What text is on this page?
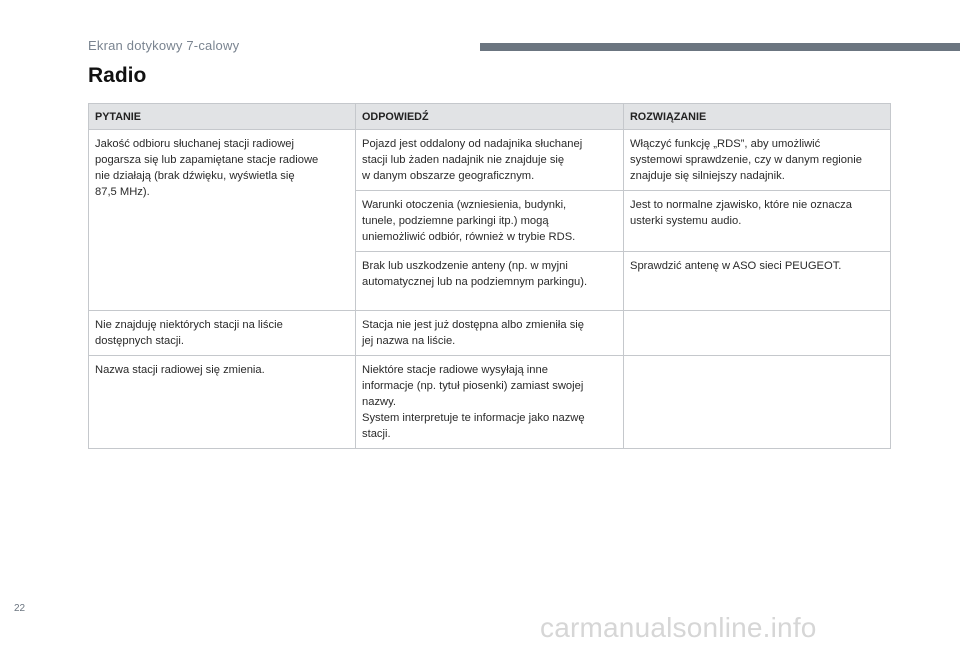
Ekran dotykowy 7-calowy
Radio
PYTANIE	ODPOWIEDŹ	ROZWIĄZANIE

Jakość odbioru słuchanej stacji radiowej
pogarsza się lub zapamiętane stacje radiowe
nie działają (brak dźwięku, wyświetla się
87,5 MHz).	Pojazd jest oddalony od nadajnika słuchanej
stacji lub żaden nadajnik nie znajduje się
w danym obszarze geograficznym.	Włączyć funkcję „RDS”, aby umożliwić
systemowi sprawdzenie, czy w danym regionie
znajduje się silniejszy nadajnik.

	Warunki otoczenia (wzniesienia, budynki,
tunele, podziemne parkingi itp.) mogą
uniemożliwić odbiór, również w trybie RDS.	Jest to normalne zjawisko, które nie oznacza
usterki systemu audio.

	Brak lub uszkodzenie anteny (np. w myjni
automatycznej lub na podziemnym parkingu).	Sprawdzić antenę w ASO sieci PEUGEOT.

Nie znajduję niektórych stacji na liście
dostępnych stacji.	Stacja nie jest już dostępna albo zmieniła się
jej nazwa na liście.	

Nazwa stacji radiowej się zmienia.	Niektóre stacje radiowe wysyłają inne
informacje (np. tytuł piosenki) zamiast swojej
nazwy.
System interpretuje te informacje jako nazwę
stacji.	

22
carmanualsonline.info
